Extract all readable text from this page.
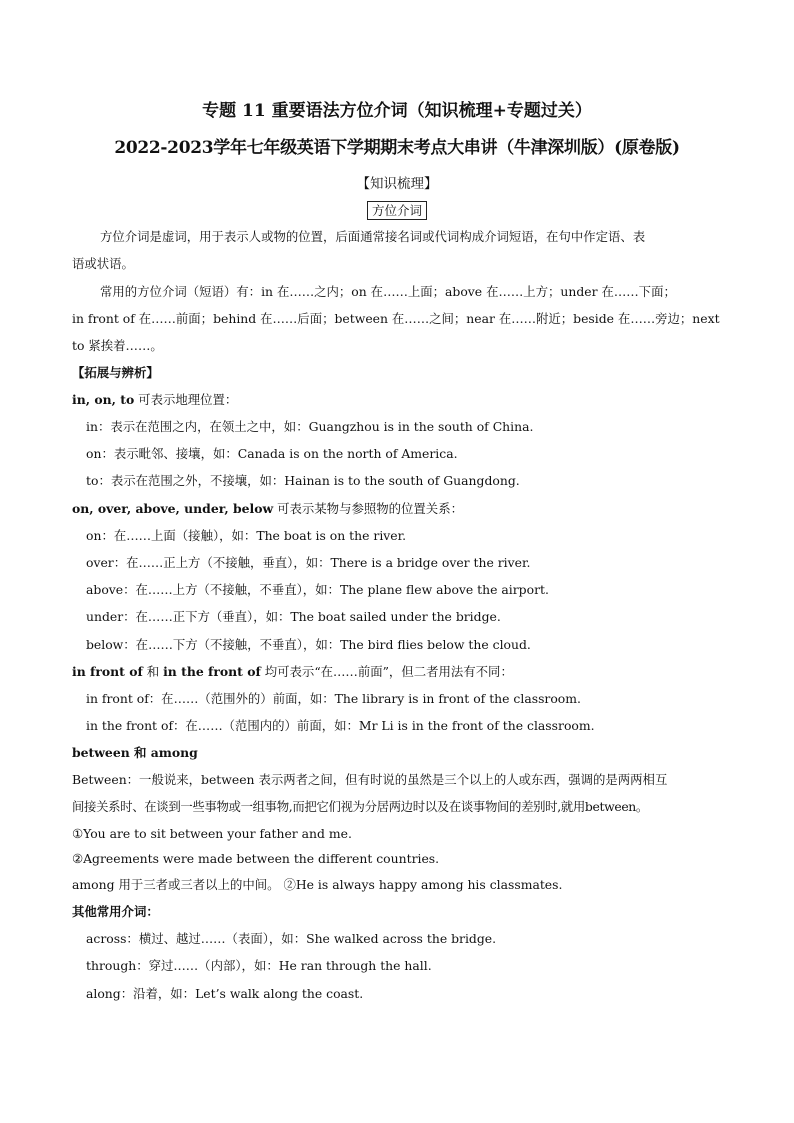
专题 11 重要语法方位介词（知识梳理+专题过关）
2022-2023学年七年级英语下学期期末考点大串讲（牛津深圳版）(原卷版)
【知识梳理】
方位介词
方位介词是虚词，用于表示人或物的位置，后面通常接名词或代词构成介词短语，在句中作定语、表
语或状语。
常用的方位介词（短语）有：in 在……之内；on 在……上面；above 在……上方；under 在……下面；
in front of 在……前面；behind 在……后面；between 在……之间；near 在……附近；beside 在……旁边；next
to 紧挨着……。
【拓展与辨析】
in, on, to 可表示地理位置：
in：表示在范围之内，在领土之中，如：Guangzhou is in the south of China.
on：表示毗邻、接壤，如：Canada is on the north of America.
to：表示在范围之外，不接壤，如：Hainan is to the south of Guangdong.
on, over, above, under, below 可表示某物与参照物的位置关系：
on：在……上面（接触），如：The boat is on the river.
over：在……正上方（不接触，垂直），如：There is a bridge over the river.
above：在……上方（不接触，不垂直），如：The plane flew above the airport.
under：在……正下方（垂直），如：The boat sailed under the bridge.
below：在……下方（不接触，不垂直），如：The bird flies below the cloud.
in front of 和 in the front of 均可表示“在……前面”，但二者用法有不同：
in front of：在……（范围外的）前面，如：The library is in front of the classroom.
in the front of：在……（范围内的）前面，如：Mr Li is in the front of the classroom.
between 和 among
Between：一般说来，between 表示两者之间，但有时说的虽然是三个以上的人或东西，强调的是两两相互
间接关系时、在谈到一些事物或一组事物,而把它们视为分居两边时以及在谈事物间的差别时,就用between。
①You are to sit between your father and me.
②Agreements were made between the different countries.
among 用于三者或三者以上的中间。 ②He is always happy among his classmates.
其他常用介词：
across：横过、越过……（表面），如：She walked across the bridge.
through：穿过……（内部），如：He ran through the hall.
along：沿着，如：Let’s walk along the coast.
